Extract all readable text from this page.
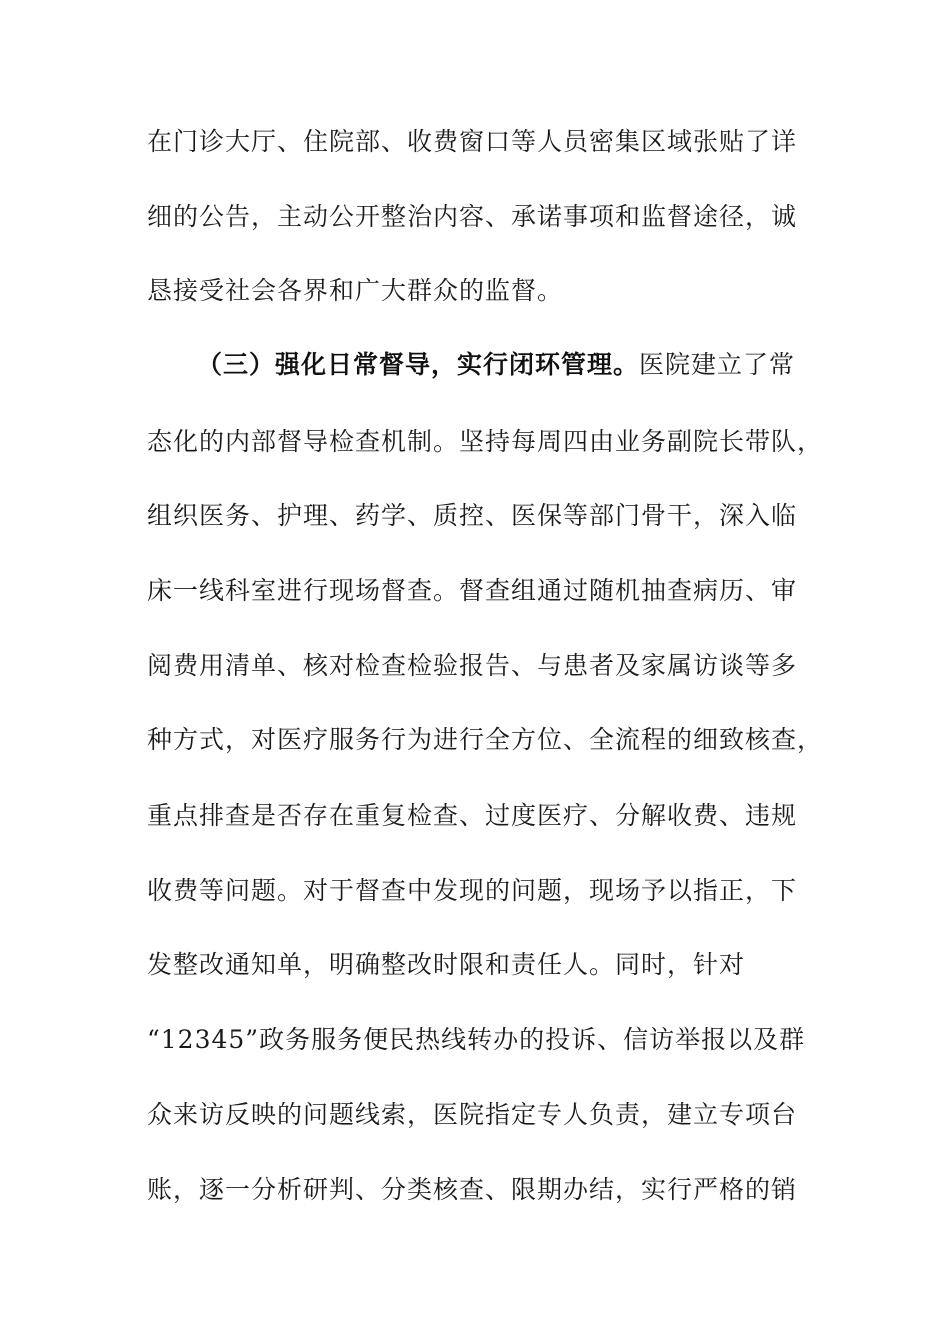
在门诊大厅、住院部、收费窗口等人员密集区域张贴了详
细的公告，主动公开整治内容、承诺事项和监督途径，诚
恳接受社会各界和广大群众的监督。
（三）强化日常督导，实行闭环管理。医院建立了常
态化的内部督导检查机制。坚持每周四由业务副院长带队，
组织医务、护理、药学、质控、医保等部门骨干，深入临
床一线科室进行现场督查。督查组通过随机抽查病历、审
阅费用清单、核对检查检验报告、与患者及家属访谈等多
种方式，对医疗服务行为进行全方位、全流程的细致核查，
重点排查是否存在重复检查、过度医疗、分解收费、违规
收费等问题。对于督查中发现的问题，现场予以指正，下
发整改通知单，明确整改时限和责任人。同时，针对
“12345”政务服务便民热线转办的投诉、信访举报以及群
众来访反映的问题线索，医院指定专人负责，建立专项台
账，逐一分析研判、分类核查、限期办结，实行严格的销
